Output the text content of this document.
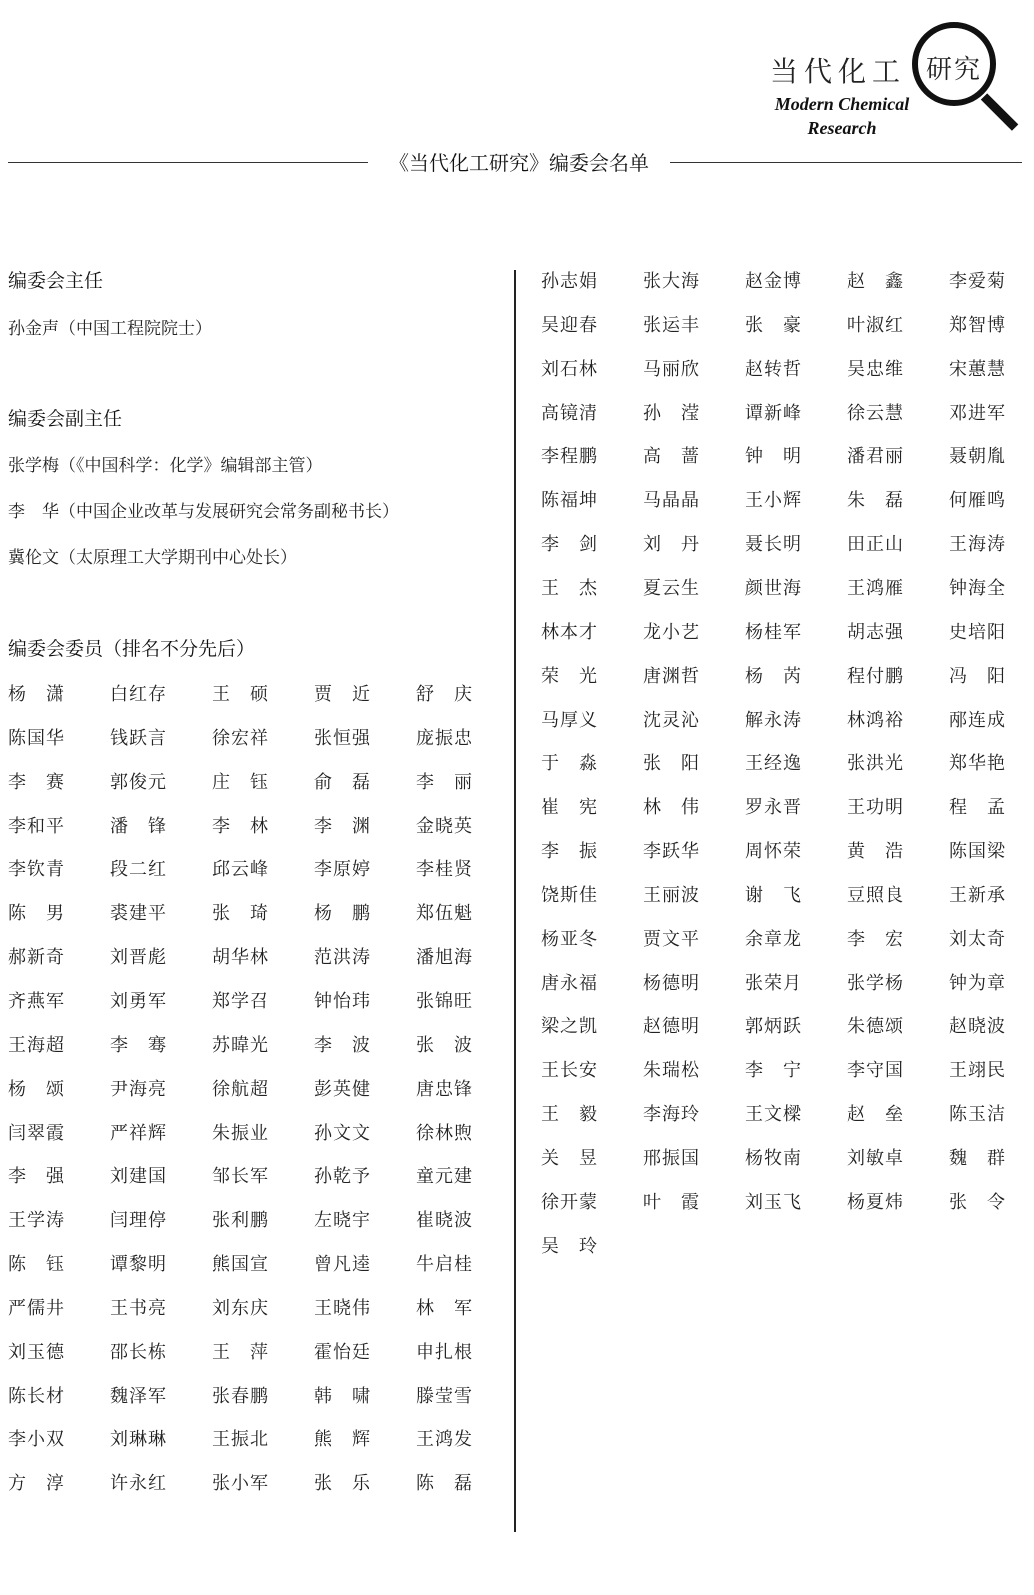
当代化工 研究
Modern Chemical
Research
《当代化工研究》编委会名单
编委会主任
孙金声（中国工程院院士）
编委会副主任
张学梅（《中国科学：化学》编辑部主管）
李　华（中国企业改革与发展研究会常务副秘书长）
冀伦文（太原理工大学期刊中心处长）
编委会委员（排名不分先后）
杨　潇	白红存	王　硕	贾　近	舒　庆
陈国华	钱跃言	徐宏祥	张恒强	庞振忠
李　赛	郭俊元	庄　钰	俞　磊	李　丽
李和平	潘　锋	李　林	李　渊	金晓英
李钦青	段二红	邱云峰	李原婷	李桂贤
陈　男	裘建平	张　琦	杨　鹏	郑伍魁
郝新奇	刘晋彪	胡华林	范洪涛	潘旭海
齐燕军	刘勇军	郑学召	钟怡玮	张锦旺
王海超	李　骞	苏暐光	李　波	张　波
杨　颂	尹海亮	徐航超	彭英健	唐忠锋
闫翠霞	严祥辉	朱振业	孙文文	徐林煦
李　强	刘建国	邹长军	孙乾予	童元建
王学涛	闫理停	张利鹏	左晓宇	崔晓波
陈　钰	谭黎明	熊国宣	曾凡逵	牛启桂
严儒井	王书亮	刘东庆	王晓伟	林　军
刘玉德	邵长栋	王　萍	霍怡廷	申扎根
陈长材	魏泽军	张春鹏	韩　啸	滕莹雪
李小双	刘琳琳	王振北	熊　辉	王鸿发
方　淳	许永红	张小军	张　乐	陈　磊
孙志娟	张大海	赵金博	赵　鑫	李爱菊
吴迎春	张运丰	张　豪	叶淑红	郑智博
刘石林	马丽欣	赵转哲	吴忠维	宋蕙慧
高镜清	孙　滢	谭新峰	徐云慧	邓进军
李程鹏	高　蔷	钟　明	潘君丽	聂朝胤
陈福坤	马晶晶	王小辉	朱　磊	何雁鸣
李　剑	刘　丹	聂长明	田正山	王海涛
王　杰	夏云生	颜世海	王鸿雁	钟海全
林本才	龙小艺	杨桂军	胡志强	史培阳
荣　光	唐渊哲	杨　芮	程付鹏	冯　阳
马厚义	沈灵沁	解永涛	林鸿裕	邴连成
于　淼	张　阳	王经逸	张洪光	郑华艳
崔　宪	林　伟	罗永晋	王功明	程　孟
李　振	李跃华	周怀荣	黄　浩	陈国梁
饶斯佳	王丽波	谢　飞	豆照良	王新承
杨亚冬	贾文平	余章龙	李　宏	刘太奇
唐永福	杨德明	张荣月	张学杨	钟为章
梁之凯	赵德明	郭炳跃	朱德颂	赵晓波
王长安	朱瑞松	李　宁	李守国	王翊民
王　毅	李海玲	王文樑	赵　垒	陈玉洁
关　昱	邢振国	杨牧南	刘敏卓	魏　群
徐开蒙	叶　霞	刘玉飞	杨夏炜	张　令
吴　玲
